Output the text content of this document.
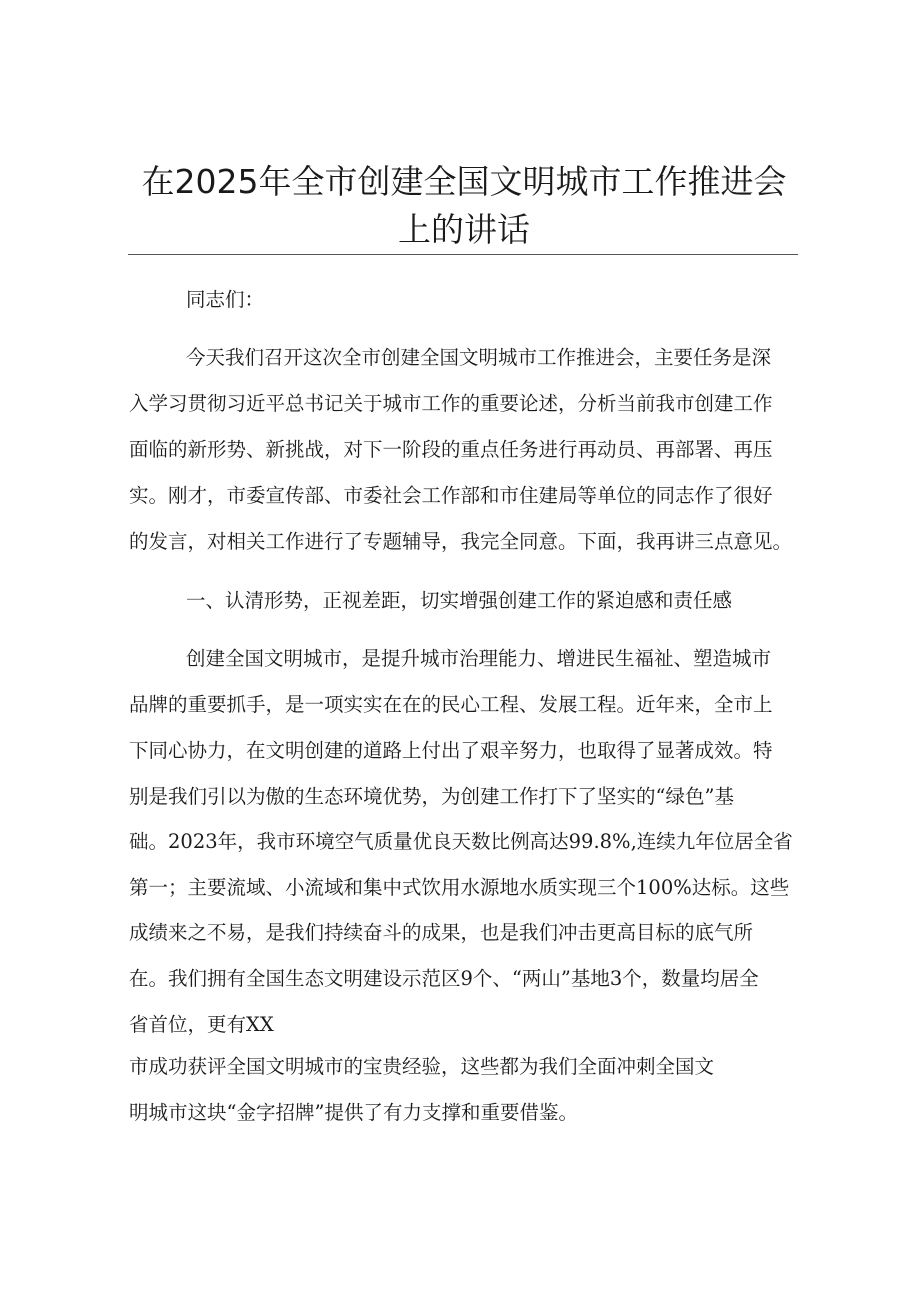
在2025年全市创建全国文明城市工作推进会
上的讲话
同志们：
今天我们召开这次全市创建全国文明城市工作推进会，主要任务是深
入学习贯彻习近平总书记关于城市工作的重要论述，分析当前我市创建工作
面临的新形势、新挑战，对下一阶段的重点任务进行再动员、再部署、再压
实。刚才，市委宣传部、市委社会工作部和市住建局等单位的同志作了很好
的发言，对相关工作进行了专题辅导，我完全同意。下面，我再讲三点意见。
一、认清形势，正视差距，切实增强创建工作的紧迫感和责任感
创建全国文明城市，是提升城市治理能力、增进民生福祉、塑造城市
品牌的重要抓手，是一项实实在在的民心工程、发展工程。近年来，全市上
下同心协力，在文明创建的道路上付出了艰辛努力，也取得了显著成效。特
别是我们引以为傲的生态环境优势，为创建工作打下了坚实的“绿色”基
础。2023年，我市环境空气质量优良天数比例高达99.8%,连续九年位居全省
第一；主要流域、小流域和集中式饮用水源地水质实现三个100%达标。这些
成绩来之不易，是我们持续奋斗的成果，也是我们冲击更高目标的底气所
在。我们拥有全国生态文明建设示范区9个、“两山”基地3个，数量均居全
省首位，更有XX
市成功获评全国文明城市的宝贵经验，这些都为我们全面冲刺全国文
明城市这块“金字招牌”提供了有力支撑和重要借鉴。
